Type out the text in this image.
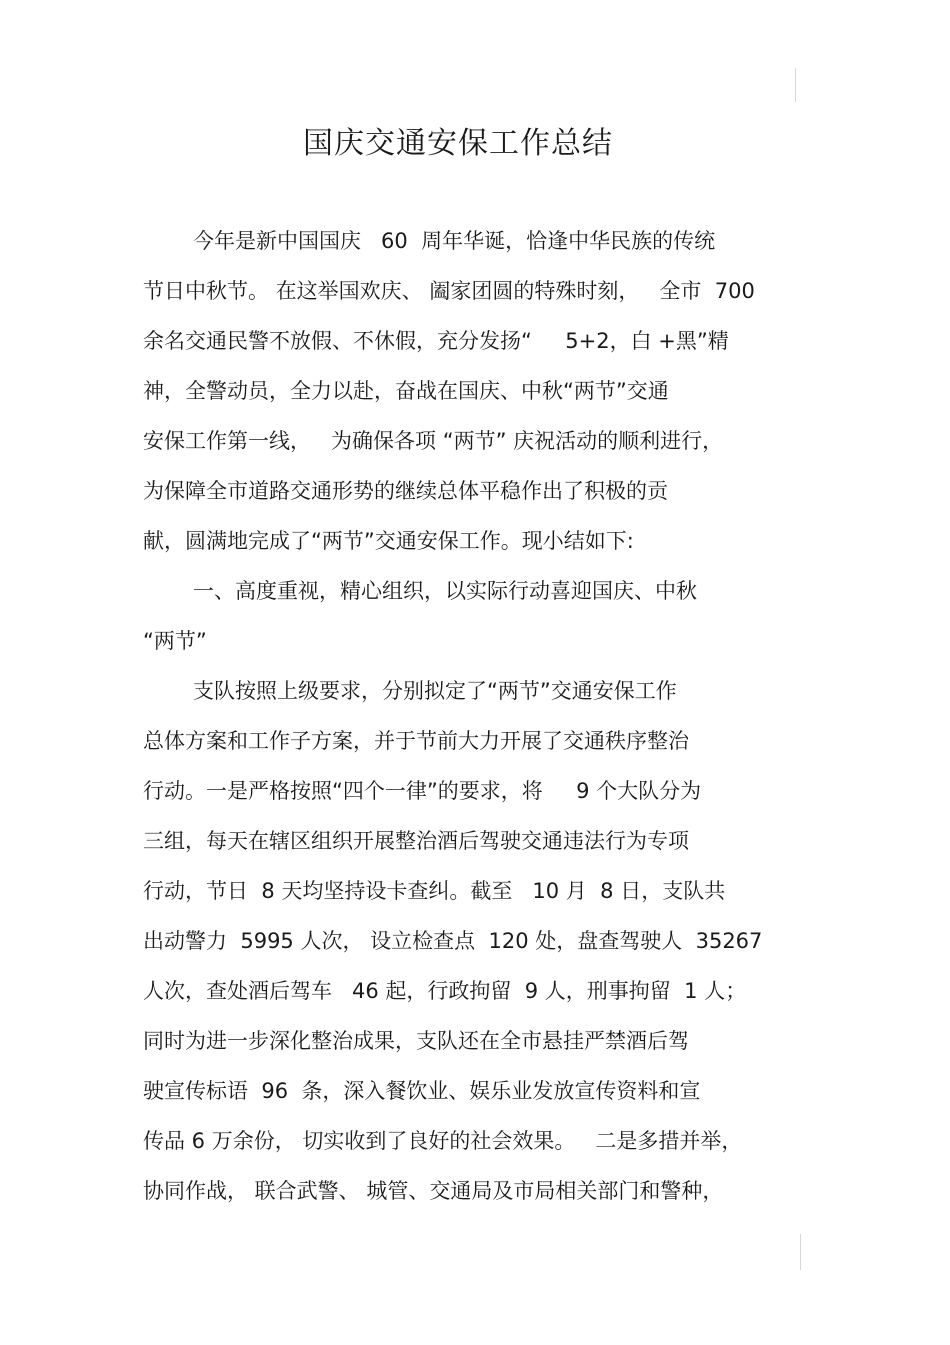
国庆交通安保工作总结
今年是新中国国庆   60  周年华诞，恰逢中华民族的传统
节日中秋节。 在这举国欢庆、 阖家团圆的特殊时刻，   全市  700
余名交通民警不放假、不休假，充分发扬“     5+2，白 +黑”精
神，全警动员，全力以赴，奋战在国庆、中秋“两节”交通
安保工作第一线，   为确保各项 “两节” 庆祝活动的顺利进行，
为保障全市道路交通形势的继续总体平稳作出了积极的贡
献，圆满地完成了“两节”交通安保工作。现小结如下:
一、高度重视，精心组织，以实际行动喜迎国庆、中秋
“两节”
支队按照上级要求，分别拟定了“两节”交通安保工作
总体方案和工作子方案，并于节前大力开展了交通秩序整治
行动。一是严格按照“四个一律”的要求，将     9 个大队分为
三组，每天在辖区组织开展整治酒后驾驶交通违法行为专项
行动，节日  8 天均坚持设卡查纠。截至   10 月  8 日，支队共
出动警力  5995 人次， 设立检查点  120 处，盘查驾驶人  35267
人次，查处酒后驾车   46 起，行政拘留  9 人，刑事拘留  1 人；
同时为进一步深化整治成果，支队还在全市悬挂严禁酒后驾
驶宣传标语  96  条，深入餐饮业、娱乐业发放宣传资料和宣
传品 6 万余份， 切实收到了良好的社会效果。   二是多措并举，
协同作战， 联合武警、 城管、交通局及市局相关部门和警种，
